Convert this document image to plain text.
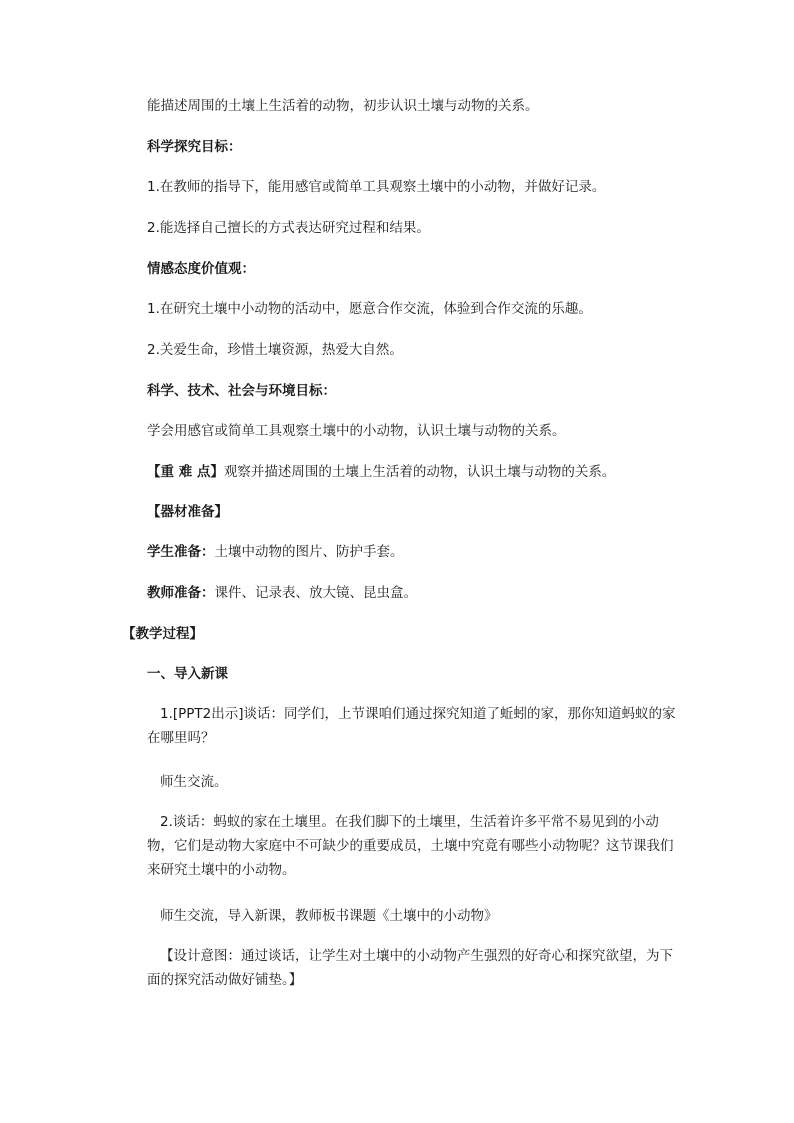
能描述周围的土壤上生活着的动物，初步认识土壤与动物的关系。
科学探究目标：
1.在教师的指导下，能用感官或简单工具观察土壤中的小动物，并做好记录。
2.能选择自己擅长的方式表达研究过程和结果。
情感态度价值观：
1.在研究土壤中小动物的活动中，愿意合作交流，体验到合作交流的乐趣。
2.关爱生命，珍惜土壤资源，热爱大自然。
科学、技术、社会与环境目标：
学会用感官或简单工具观察土壤中的小动物，认识土壤与动物的关系。
【重 难 点】观察并描述周围的土壤上生活着的动物，认识土壤与动物的关系。
【器材准备】
学生准备：土壤中动物的图片、防护手套。
教师准备：课件、记录表、放大镜、昆虫盒。
【教学过程】
一、导入新课
1.[PPT2出示]谈话：同学们，上节课咱们通过探究知道了蚯蚓的家，那你知道蚂蚁的家在哪里吗？
师生交流。
2.谈话：蚂蚁的家在土壤里。在我们脚下的土壤里，生活着许多平常不易见到的小动物，它们是动物大家庭中不可缺少的重要成员，土壤中究竟有哪些小动物呢？这节课我们来研究土壤中的小动物。
师生交流，导入新课，教师板书课题《土壤中的小动物》
【设计意图：通过谈话，让学生对土壤中的小动物产生强烈的好奇心和探究欲望，为下面的探究活动做好铺垫。】
